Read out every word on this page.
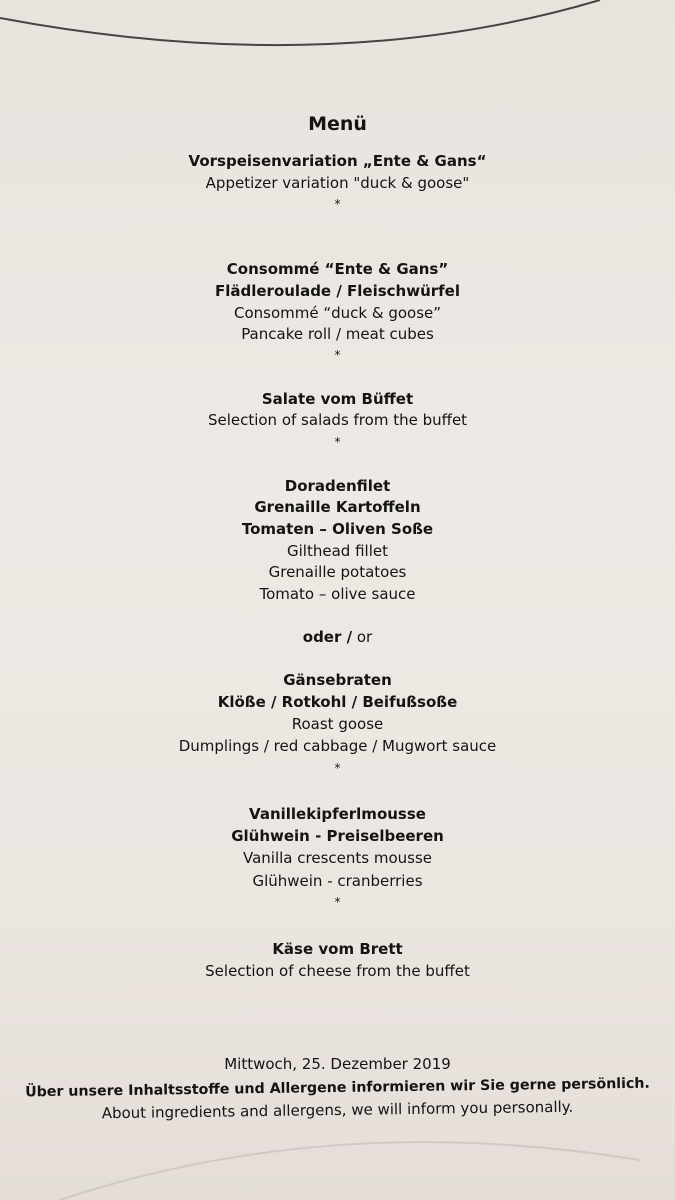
Menü
Vorspeisenvariation „Ente & Gans“
Appetizer variation "duck & goose"
*
Consommé “Ente & Gans”
Flädleroulade / Fleischwürfel
Consommé “duck & goose”
Pancake roll / meat cubes
*
Salate vom Büffet
Selection of salads from the buffet
*
Doradenfilet
Grenaille Kartoffeln
Tomaten – Oliven Soße
Gilthead fillet
Grenaille potatoes
Tomato – olive sauce
oder / or
Gänsebraten
Klöße / Rotkohl / Beifußsoße
Roast goose
Dumplings / red cabbage / Mugwort sauce
*
Vanillekipferlmousse
Glühwein - Preiselbeeren
Vanilla crescents mousse
Glühwein - cranberries
*
Käse vom Brett
Selection of cheese from the buffet
Mittwoch, 25. Dezember 2019
Über unsere Inhaltsstoffe und Allergene informieren wir Sie gerne persönlich.
About ingredients and allergens, we will inform you personally.
